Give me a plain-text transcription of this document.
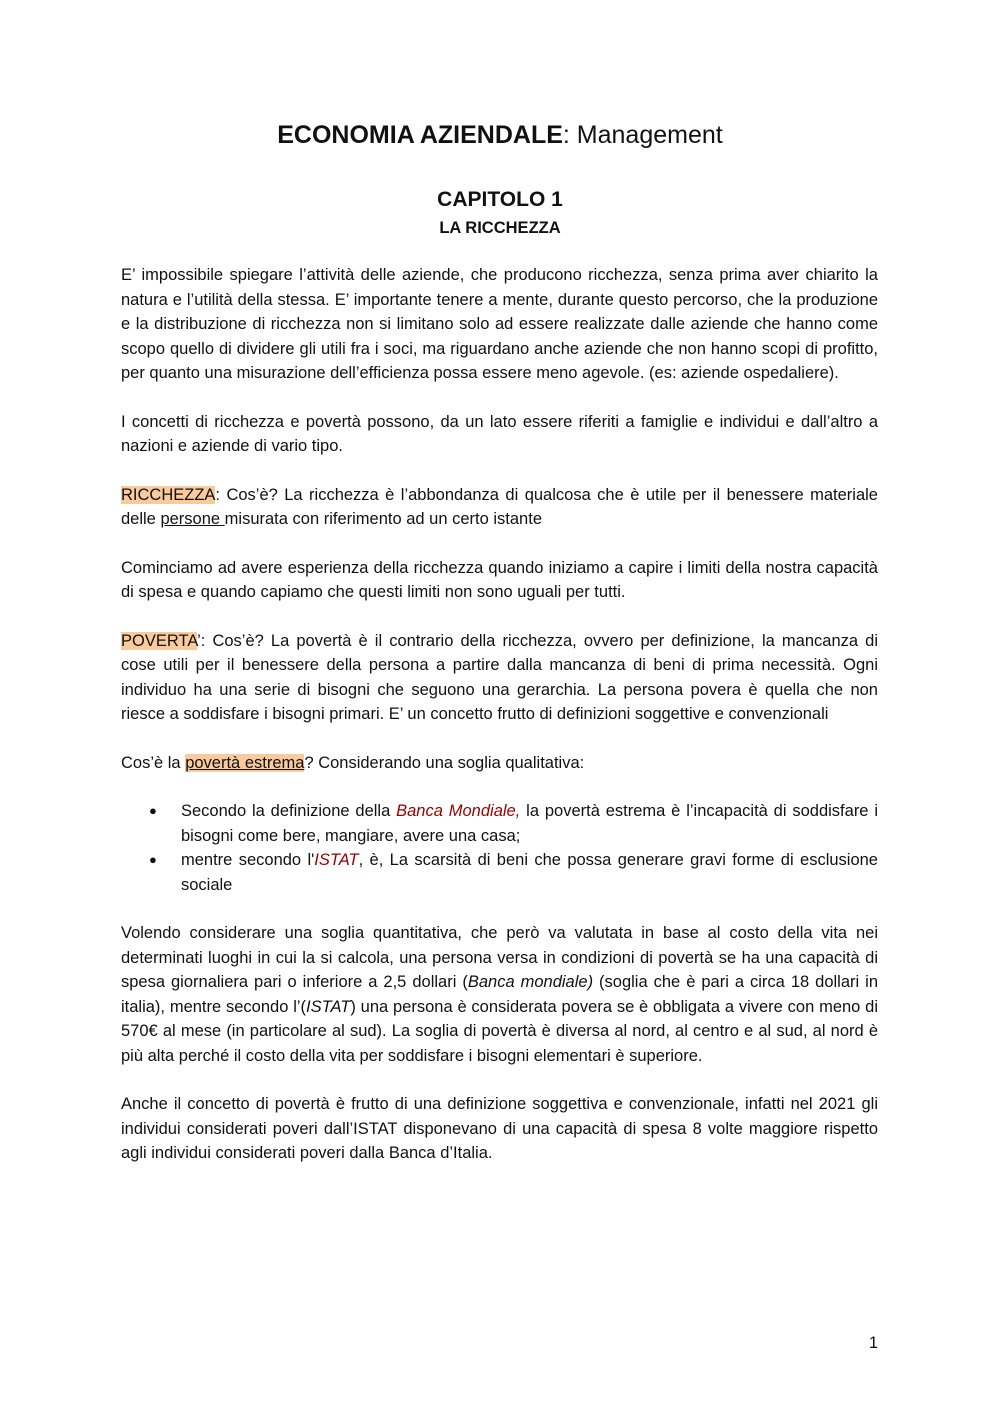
ECONOMIA AZIENDALE: Management
CAPITOLO 1
LA RICCHEZZA

E’ impossibile spiegare l’attività delle aziende, che producono ricchezza, senza prima aver chiarito la natura e l’utilità della stessa. E’ importante tenere a mente, durante questo percorso, che la produzione e la distribuzione di ricchezza non si limitano solo ad essere realizzate dalle aziende che hanno come scopo quello di dividere gli utili fra i soci, ma riguardano anche aziende che non hanno scopi di profitto, per quanto una misurazione dell’efficienza possa essere meno agevole. (es: aziende ospedaliere).

I concetti di ricchezza e povertà possono, da un lato essere riferiti a famiglie e individui e dall’altro a nazioni e aziende di vario tipo.

RICCHEZZA: Cos’è? La ricchezza è l’abbondanza di qualcosa che è utile per il benessere materiale delle persone misurata con riferimento ad un certo istante

Cominciamo ad avere esperienza della ricchezza quando iniziamo a capire i limiti della nostra capacità di spesa e quando capiamo che questi limiti non sono uguali per tutti.

POVERTA’: Cos’è? La povertà è il contrario della ricchezza, ovvero per definizione, la mancanza di cose utili per il benessere della persona a partire dalla mancanza di beni di prima necessità. Ogni individuo ha una serie di bisogni che seguono una gerarchia. La persona povera è quella che non riesce a soddisfare i bisogni primari. E’ un concetto frutto di definizioni soggettive e convenzionali

Cos’è la povertà estrema? Considerando una soglia qualitativa:

● Secondo la definizione della Banca Mondiale, la povertà estrema è l’incapacità di soddisfare i bisogni come bere, mangiare, avere una casa;
● mentre secondo l'ISTAT, è, La scarsità di beni che possa generare gravi forme di esclusione sociale

Volendo considerare una soglia quantitativa, che però va valutata in base al costo della vita nei determinati luoghi in cui la si calcola, una persona versa in condizioni di povertà se ha una capacità di spesa giornaliera pari o inferiore a 2,5 dollari (Banca mondiale) (soglia che è pari a circa 18 dollari in italia), mentre secondo l’(ISTAT) una persona è considerata povera se è obbligata a vivere con meno di 570€ al mese (in particolare al sud). La soglia di povertà è diversa al nord, al centro e al sud, al nord è più alta perché il costo della vita per soddisfare i bisogni elementari è superiore.

Anche il concetto di povertà è frutto di una definizione soggettiva e convenzionale, infatti nel 2021 gli individui considerati poveri dall’ISTAT disponevano di una capacità di spesa 8 volte maggiore rispetto agli individui considerati poveri dalla Banca d’Italia.

1
